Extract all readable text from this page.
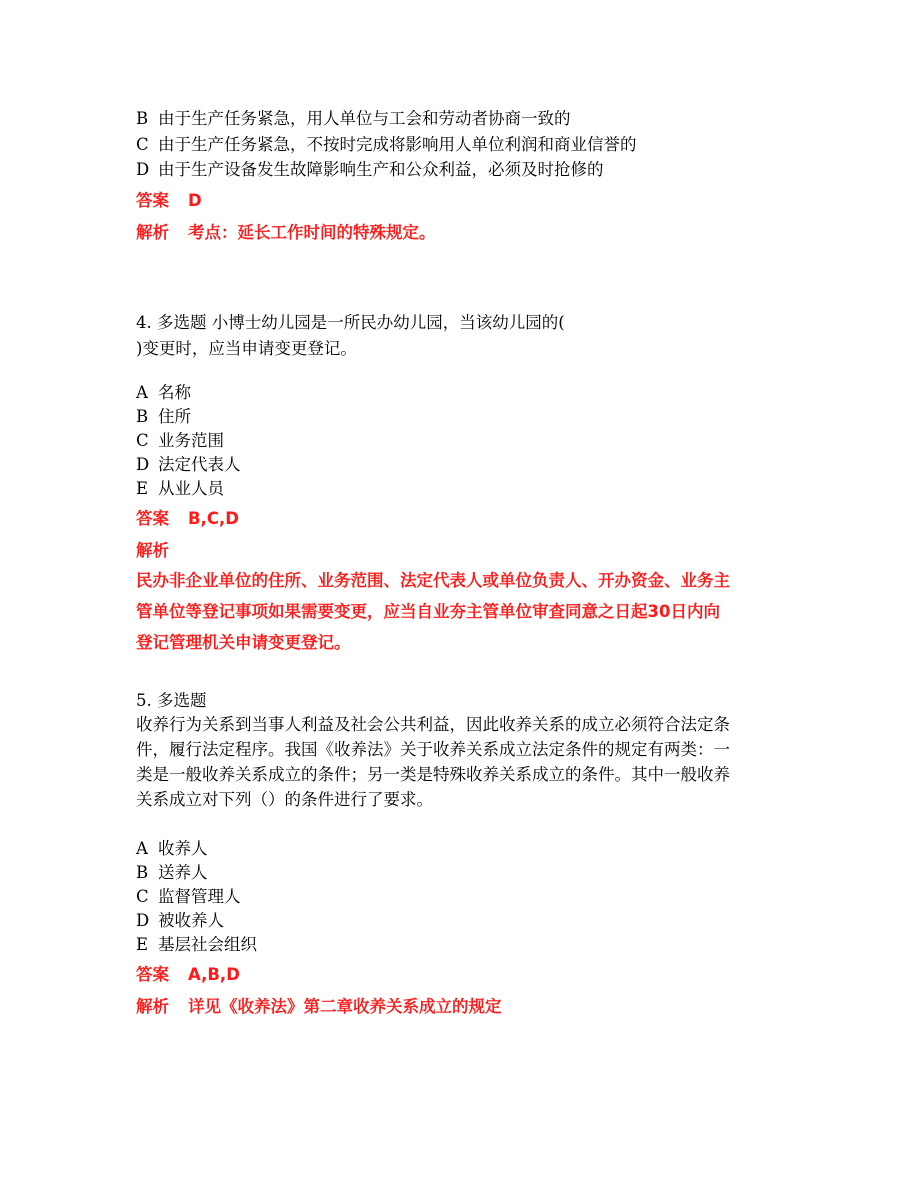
B 由于生产任务紧急，用人单位与工会和劳动者协商一致的
C 由于生产任务紧急，不按时完成将影响用人单位利润和商业信誉的
D 由于生产设备发生故障影响生产和公众利益，必须及时抢修的
答案 D
解析 考点：延长工作时间的特殊规定。
4. 多选题 小博士幼儿园是一所民办幼儿园，当该幼儿园的(
)变更时，应当申请变更登记。
A 名称
B 住所
C 业务范围
D 法定代表人
E 从业人员
答案 B,C,D
解析
民办非企业单位的住所、业务范围、法定代表人或单位负责人、开办资金、业务主
管单位等登记事项如果需要变更，应当自业夯主管单位审查同意之日起30日内向
登记管理机关申请变更登记。
5. 多选题
收养行为关系到当事人利益及社会公共利益，因此收养关系的成立必须符合法定条
件，履行法定程序。我国《收养法》关于收养关系成立法定条件的规定有两类：一
类是一般收养关系成立的条件；另一类是特殊收养关系成立的条件。其中一般收养
关系成立对下列（）的条件进行了要求。
A 收养人
B 送养人
C 监督管理人
D 被收养人
E 基层社会组织
答案 A,B,D
解析 详见《收养法》第二章收养关系成立的规定
